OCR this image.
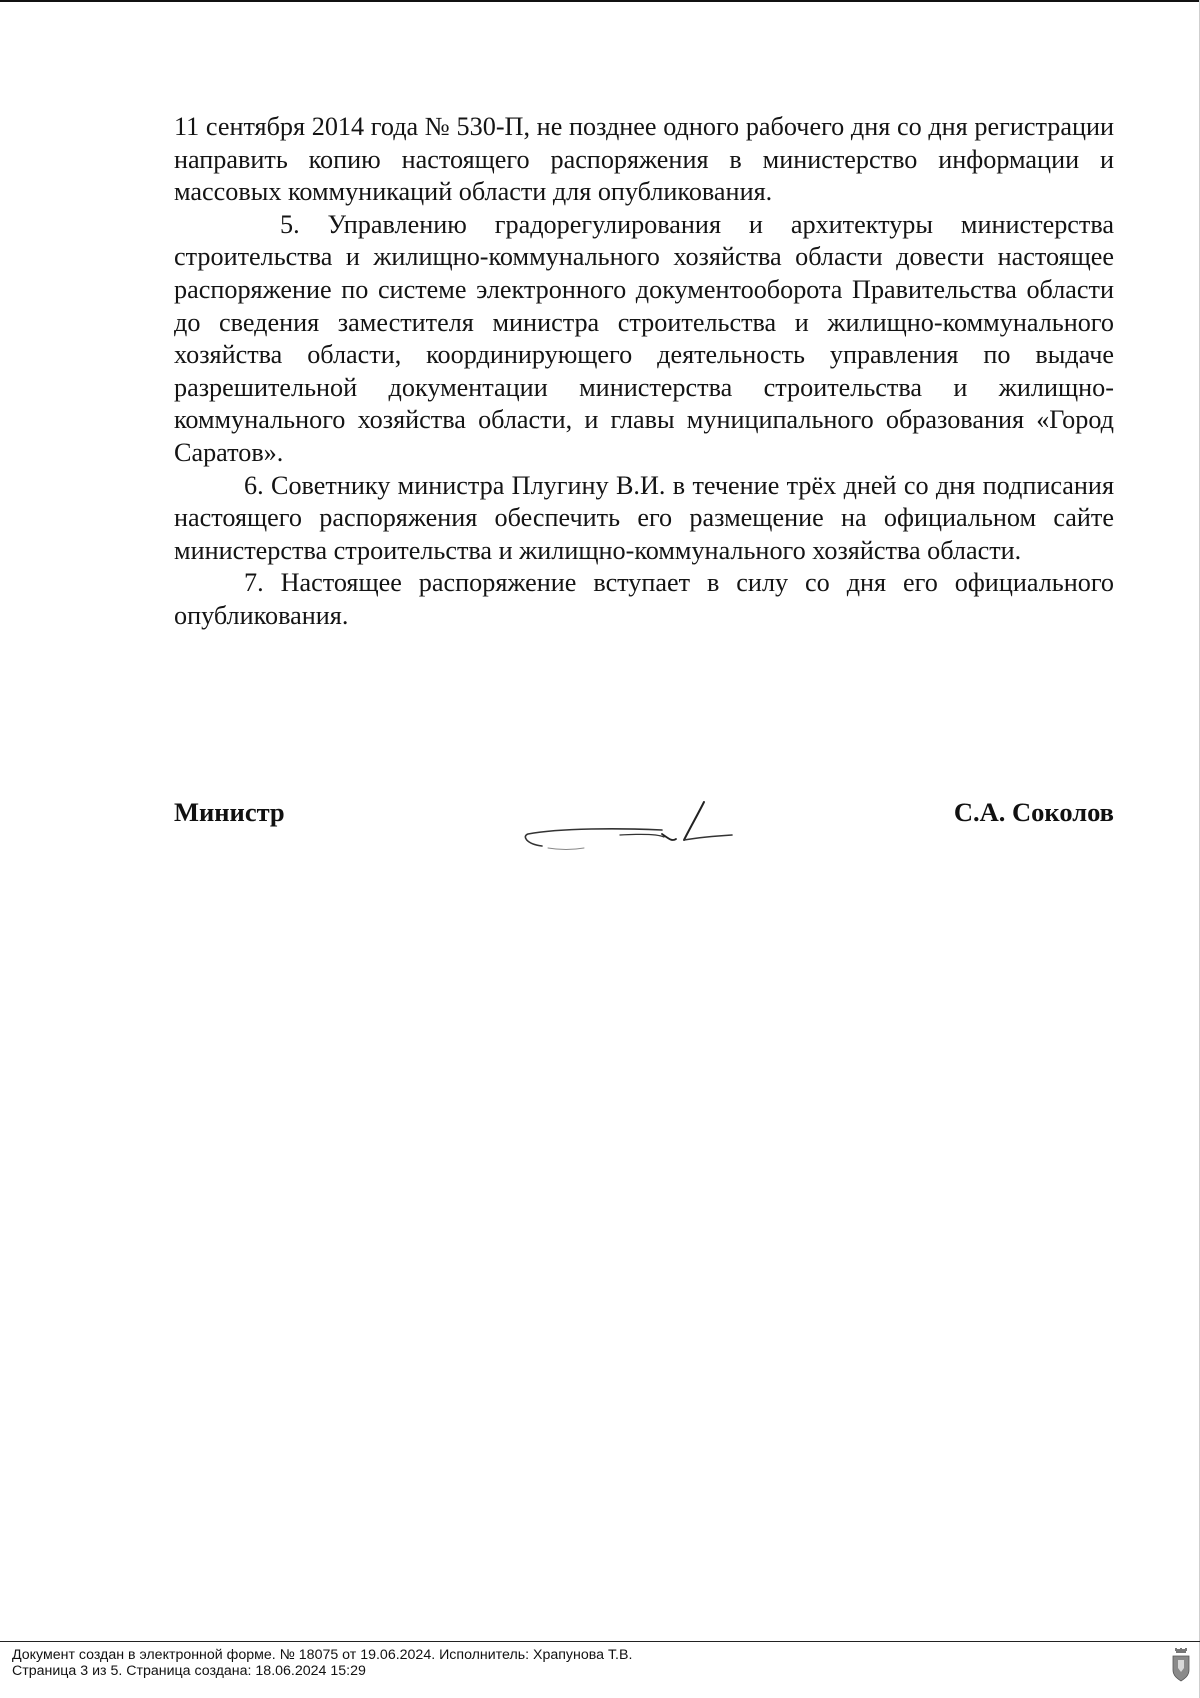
11 сентября 2014 года № 530-П, не позднее одного рабочего дня со дня регистрации направить копию настоящего распоряжения в министерство информации и массовых коммуникаций области для опубликования.

5. Управлению градорегулирования и архитектуры министерства строительства и жилищно-коммунального хозяйства области довести настоящее распоряжение по системе электронного документооборота Правительства области до сведения заместителя министра строительства и жилищно-коммунального хозяйства области, координирующего деятельность управления по выдаче разрешительной документации министерства строительства и жилищно-коммунального хозяйства области, и главы муниципального образования «Город Саратов».

6. Советнику министра Плугину В.И. в течение трёх дней со дня подписания настоящего распоряжения обеспечить его размещение на официальном сайте министерства строительства и жилищно-коммунального хозяйства области.

7. Настоящее распоряжение вступает в силу со дня его официального опубликования.

Министр	С.А. Соколов
Документ создан в электронной форме. № 18075 от 19.06.2024. Исполнитель: Храпунова Т.В.
Страница 3 из 5. Страница создана: 18.06.2024 15:29
